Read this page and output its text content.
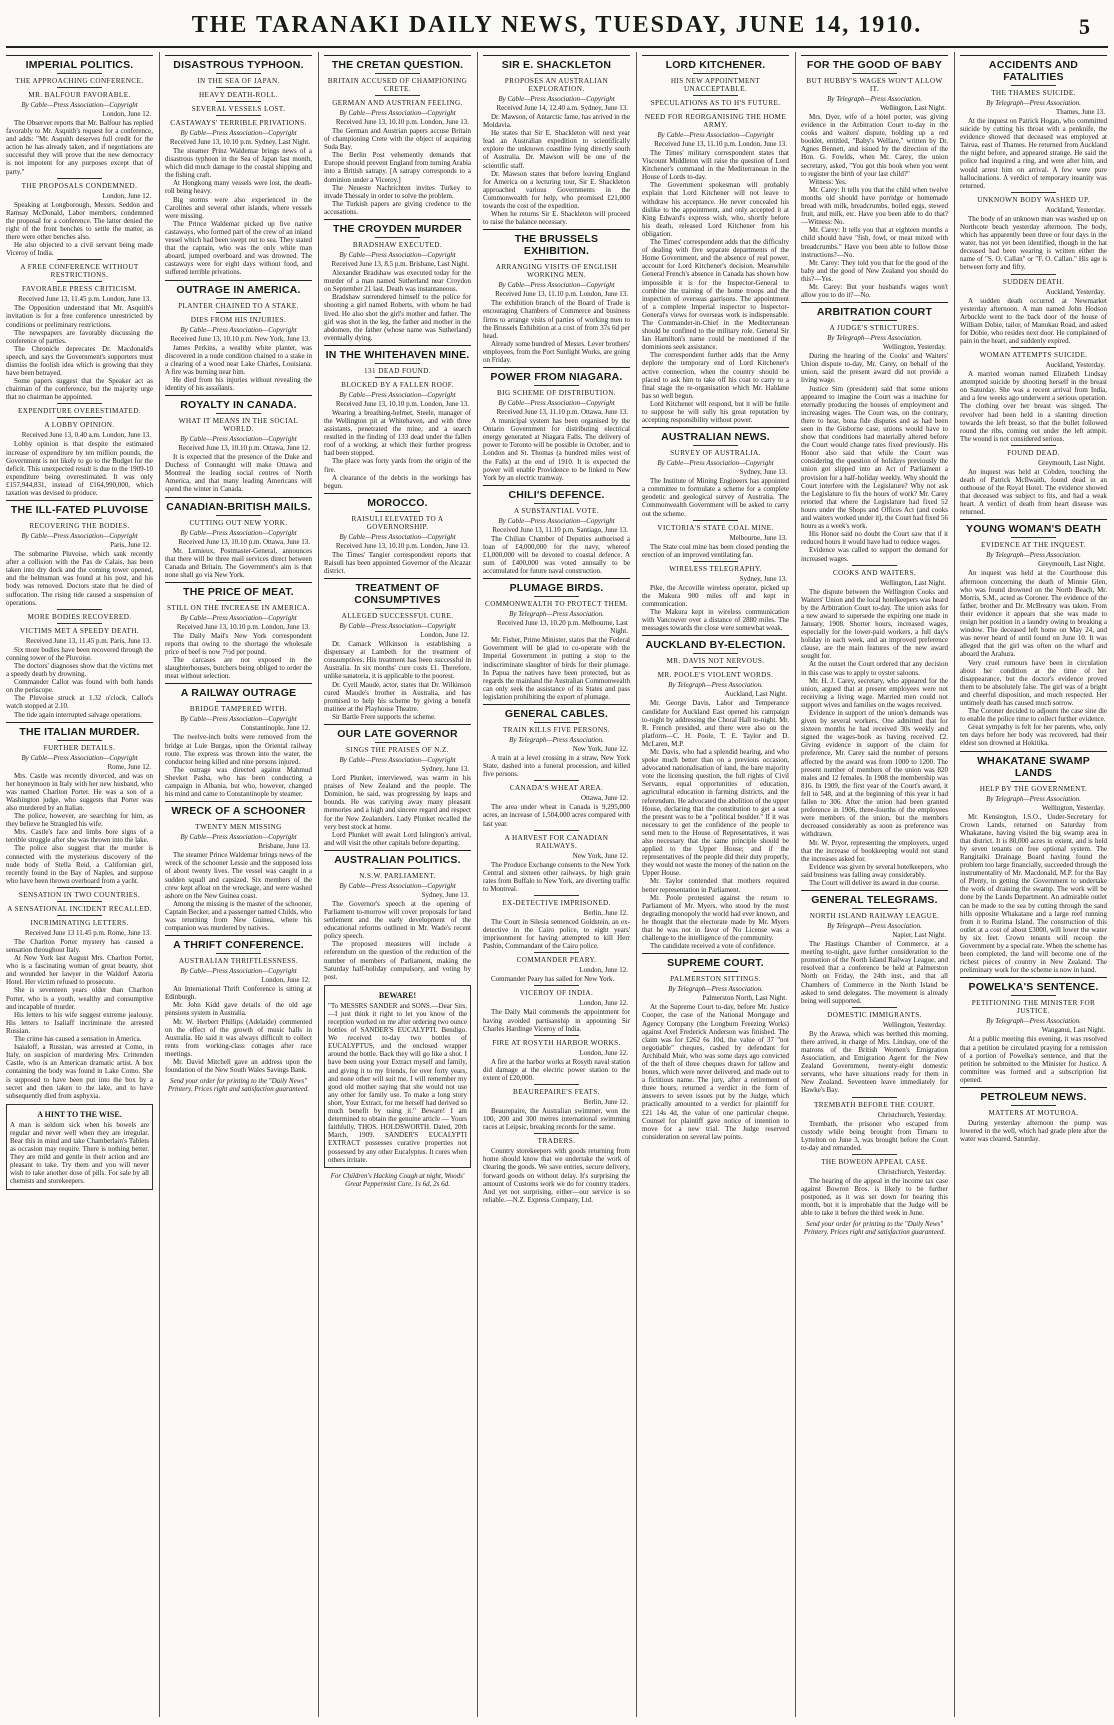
THE TARANAKI DAILY NEWS, TUESDAY, JUNE 14, 1910.	5
IMPERIAL POLITICS.
THE APPROACHING CONFERENCE.
MR. BALFOUR FAVORABLE.
By Cable—Press Association—Copyright
London, June 12.

The Observer reports that Mr. Balfour has replied favorably to Mr. Asquith's request for a conference, and adds: "Mr. Asquith deserves full credit for the action he has already taken, and if negotiations are successful they will prove that the new democracy is not impotent for any purposes except that of party."

THE PROPOSALS CONDEMNED.
London, June 12.

Speaking at Longborough, Messrs. Seddon and Ramsay McDonald, Labor members, condemned the proposal for a conference. The latter denied the right of the front benches to settle the matter, as there were other benches also.

He also objected to a civil servant being made Viceroy of India.

A FREE CONFERENCE WITHOUT RESTRICTIONS.
FAVORABLE PRESS CRITICISM.
Received June 13, 11.45 p.m. London, June 13.

The Opposition understand that Mr. Asquith's invitation is for a free conference unrestricted by conditions or preliminary restrictions.

The newspapers are favorably discussing the conference of parties.

The Chronicle deprecates Dr. Macdonald's speech, and says the Government's supporters must dismiss the foolish idea which is growing that they have been betrayed.

Some papers suggest that the Speaker act as chairman of the conference, but the majority urge that no chairman be appointed.

EXPENDITURE OVERESTIMATED.
A LOBBY OPINION.
Received June 13, 0.40 a.m. London, June 13.

Lobby opinion is that despite the estimated increase of expenditure by ten million pounds, the Government is not likely to go to the Budget for the deficit. This unexpected result is due to the 1909-10 expenditure being overestimated. It was only £157,944,831, instead of £164,990,000, which taxation was devised to produce.

THE ILL-FATED PLUVOISE
RECOVERING THE BODIES.
By Cable—Press Association—Copyright
Paris, June 12.

The submarine Pluvoise, which sank recently after a collision with the Pas de Calais, has been taken into dry dock and the coming tower opened, and the helmsman was found at his post, and his body was removed. Doctors state that he died of suffocation. The rising tide caused a suspension of operations.

MORE BODIES RECOVERED.
VICTIMS MET A SPEEDY DEATH.
Received June 13, 11.45 p.m. Paris, June 13.

Six more bodies have been recovered through the conning tower of the Pluvoise.

The doctors' diagnoses show that the victims met a speedy death by drowning.

Commander Callot was found with both hands on the periscope.

The Pluvoise struck at 1.32 o'clock. Callot's watch stopped at 2.10.

The tide again interrupted salvage operations.

THE ITALIAN MURDER.
FURTHER DETAILS.
By Cable—Press Association—Copyright
Rome, June 12.

Mrs. Castle was recently divorced, and was on her honeymoon in Italy with her new husband, who was named Charlton Porter. He was a son of a Washington judge, who suggests that Porter was also murdered by an Italian.

The police, however, are searching for him, as they believe he Strangled his wife.

Mrs. Castle's face and limbs bore signs of a terrible struggle after she was thrown into the lake.

The police also suggest that the murder is connected with the mysterious discovery of the nude body of Stella Reid, a Californian girl, recently found in the Bay of Naples, and suppose who have been thrown overboard from a yacht.

SENSATION IN TWO COUNTRIES.
A SENSATIONAL INCIDENT RECALLED.
INCRIMINATING LETTERS.
Received June 13 11.45 p.m. Rome, June 13.

The Charlton Porter mystery has caused a sensation throughout Italy.

At New York last August Mrs. Charlton Porter, who is a fascinating woman of great beauty, shot and wounded her lawyer in the Waldorf Astoria Hotel. Her victim refused to prosecute.

She is seventeen years older than Charlton Porter, who is a youth, wealthy and consumptive and incapable of murder.

His letters to his wife suggest extreme jealousy. His letters to Isaliaff incriminate the arrested Russian.

The crime has caused a sensation in America.

Isaialoff, a Russian, was arrested at Como, in Italy, on suspicion of murdering Mrs. Crittenden Castle, who is an American dramatic artist. A box containing the body was found in Lake Como. She is supposed to have been put into the box by a secret and then taken to the lake, and to have subsequently died from asphyxia.

A HINT TO THE WISE.

A man is seldom sick when his bowels are regular and never well when they are irregular. Bear this in mind and take Chamberlain's Tablets as occasion may require. There is nothing better. They are mild and gentle in their action and are pleasant to take. Try them and you will never wish to take another dose of pills. For sale by all chemists and storekeepers.

DISASTROUS TYPHOON.
IN THE SEA OF JAPAN.
HEAVY DEATH-ROLL.
SEVERAL VESSELS LOST.
CASTAWAYS' TERRIBLE PRIVATIONS.
By Cable—Press Association—Copyright
Received June 13, 10.10 p.m. Sydney, Last Night.

The steamer Prinz Waldemar brings news of a disastrous typhoon in the Sea of Japan last month, which did much damage to the coastal shipping and the fishing craft.

At Hongkong many vessels were lost, the death-roll being heavy.

Big storms were also experienced in the Carolines and several other islands, where vessels were missing.

The Prince Waldemar picked up five native castaways, who formed part of the crew of an inland vessel which had been swept out to sea. They stated that the captain, who was the only white man aboard, jumped overboard and was drowned. The castaways were for eight days without food, and suffered terrible privations.

OUTRAGE IN AMERICA.
PLANTER CHAINED TO A STAKE.
DIES FROM HIS INJURIES.
By Cable—Press Association—Copyright
Received June 13, 10.10 p.m. New York, June 13.

James Perkins, a wealthy white planter, was discovered in a nude condition chained to a stake in a clearing of a wood near Lake Charles, Louisiana. A fire was burning near him.

He died from his injuries without revealing the identity of his assailants.

ROYALTY IN CANADA.
WHAT IT MEANS IN THE SOCIAL WORLD.
By Cable—Press Association—Copyright
Received June 13, 10.10 p.m. Ottawa, June 12.

It is expected that the presence of the Duke and Duchess of Connaught will make Ottawa and Montreal the leading social centres of North America, and that many leading Americans will spend the winter in Canada.

CANADIAN-BRITISH MAILS.
CUTTING OUT NEW YORK.
By Cable—Press Association—Copyright
Received June 13, 10.10 p.m. Ottawa, June 13.

Mr. Lemieux, Postmaster-General, announces that there will be three mail services direct between Canada and Britain. The Government's aim is that none shall go via New York.

THE PRICE OF MEAT.
STILL ON THE INCREASE IN AMERICA.
By Cable—Press Association—Copyright
Received June 13, 10.10 p.m. London, June 13.

The Daily Mail's New York correspondent reports that owing to the shortage the wholesale price of beef is now 7½d per pound.

The carcases are not exposed in the slaughterhouses, butchers being obliged to order the meat without selection.

A RAILWAY OUTRAGE
BRIDGE TAMPERED WITH.
By Cable—Press Association—Copyright
Constantinople, June 12.

The twelve-inch bolts were removed from the bridge at Lule Burgas, upon the Oriental railway route. The express was thrown into the water, the conductor being killed and nine persons injured.

The outrage was directed against Mahmud Shevket Pasha, who has been conducting a campaign in Albania, but who, however, changed his mind and came to Constantinople by steamer.

WRECK OF A SCHOONER
TWENTY MEN MISSING
By Cable—Press Association—Copyright
Brisbane, June 13.

The steamer Prince Waldemar brings news of the wreck of the schooner Lessie and the supposed loss of about twenty lives. The vessel was caught in a sudden squall and capsized. Six members of the crew kept afloat on the wreckage, and were washed ashore on the New Guinea coast.

Among the missing is the master of the schooner, Captain Becker, and a passenger named Childs, who was returning from New Guinea, where his companion was murdered by natives.

A THRIFT CONFERENCE.
AUSTRALIAN THRIFTLESSNESS.
By Cable—Press Association—Copyright
London, June 12.

An International Thrift Conference is sitting at Edinburgh.

Mr. John Kidd gave details of the old age pensions system in Australia.

Mr. W. Herbert Phillips (Adelaide) commented on the effect of the growth of music halls in Australia. He said it was always difficult to collect rents from working-class cottages after race meetings.

Mr. David Mitchell gave an address upon the foundation of the New South Wales Savings Bank.

Send your order for printing to the "Daily News" Printery. Prices right and satisfaction guaranteed.
THE CRETAN QUESTION.
BRITAIN ACCUSED OF CHAMPIONING CRETE.
GERMAN AND AUSTRIAN FEELING.
By Cable—Press Association—Copyright
Received June 13, 10.10 p.m. London, June 13.

The German and Austrian papers accuse Britain of championing Crete with the object of acquiring Suda Bay.

The Berlin Post vehemently demands that Europe should prevent England from turning Arabia into a British satrapy. [A satrapy corresponds to a dominion under a Viceroy.]

The Neueste Nachrichten invites Turkey to invade Thessaly in order to solve the problem.

The Turkish papers are giving credence to the accusations.

THE CROYDEN MURDER
BRADSHAW EXECUTED.
By Cable—Press Association—Copyright
Received June 13, 8.5 p.m. Brisbane, Last Night.

Alexander Bradshaw was executed today for the murder of a man named Sutherland near Croydon on September 21 last. Death was instantaneous.

Bradshaw surrendered himself to the police for shooting a girl named Roberts, with whom he had lived. He also shot the girl's mother and father. The girl was shot in the leg, the father and mother in the abdomen, the father (whose name was Sutherland) eventually dying.

IN THE WHITEHAVEN MINE.
131 DEAD FOUND.
BLOCKED BY A FALLEN ROOF.
By Cable—Press Association—Copyright
Received June 13, 10.10 p.m. London, June 13.

Wearing a breathing-helmet, Steele, manager of the Wellington pit at Whitehaven, and with three assistants, penetrated the mine, and a search resulted in the finding of 133 dead under the fallen roof of a working, at which their further progress had been stopped.

The place was forty yards from the origin of the fire.

A clearance of the debris in the workings has begun.

MOROCCO.
RAISULI ELEVATED TO A GOVERNORSHIP.
By Cable—Press Association—Copyright
Received June 13, 10.10 p.m. London, June 13.

The Times' Tangier correspondent reports that Raisuli has been appointed Governor of the Alcazar district.

TREATMENT OF CONSUMPTIVES
ALLEGED SUCCESSFUL CURE.
By Cable—Press Association—Copyright
London, June 12.

Dr. Camack Wilkinson is establishing a dispensary at Lambeth for the treatment of consumptives. His treatment has been successful in Australia. In six months' cure costs £1. Therefore, unlike sanatoria, it is applicable to the poorest.

Dr. Cyril Maude, actor, states that Dr. Wilkinson cured Maude's brother in Australia, and has promised to help his scheme by giving a benefit matinee at the Playhouse Theatre.

Sir Bartle Frere supports the scheme.

OUR LATE GOVERNOR
SINGS THE PRAISES OF N.Z.
By Cable—Press Association—Copyright
Sydney, June 13.

Lord Plunket, interviewed, was warm in his praises of New Zealand and the people. The Dominion, he said, was progressing by leaps and bounds. He was carrying away many pleasant memories and a high and sincere regard and respect for the New Zealanders. Lady Plunket recalled the very best stock at home.

Lord Plunket will await Lord Islington's arrival, and will visit the other capitals before departing.

AUSTRALIAN POLITICS.
N.S.W. PARLIAMENT.
By Cable—Press Association—Copyright
Sydney, June 13.

The Governor's speech at the opening of Parliament to-morrow will cover proposals for land settlement and the early development of the educational reforms outlined in Mr. Wade's recent policy speech.

The proposed measures will include a referendum on the question of the reduction of the number of members of Parliament, making the Saturday half-holiday compulsory, and voting by post.

BEWARE!

"To MESSRS SANDER and SONS.—Dear Sirs,—I just think it right to let you know of the reception worked on me after ordering two ounce bottles of SANDER'S EUCALYPTI. Bendigo. We received to-day two bottles of EUCALYPTUS, and the enclosed wrapper around the bottle. Back they will go like a shot. I have been using your Extract myself and family, and giving it to my friends, for over forty years, and none other will suit me. I will remember my good old mother saying that she would not use any other for family use. To make a long story short, Your Extract, for me herself had derived so much benefit by using it." Beware! I am determined to obtain the genuine article — Yours faithfully, THOS. HOLDSWORTH. Dated, 20th March, 1909. SANDER'S EUCALYPTI EXTRACT possesses curative properties not possessed by any other Eucalyptus. It cures when others irritate.

For Children's Hacking Cough at night, Woods' Great Peppermint Cure, 1s 6d, 2s 6d.
SIR E. SHACKLETON
PROPOSES AN AUSTRALIAN EXPLORATION.
By Cable—Press Association—Copyright
Received June 14, 12.40 a.m. Sydney, June 13.

Dr. Mawson, of Antarctic fame, has arrived in the Moldavia.

He states that Sir E. Shackleton will next year lead an Australian expedition to scientifically explore the unknown coastline lying directly south of Australia. Dr. Mawson will be one of the scientific staff.

Dr. Mawson states that before leaving England for America on a lecturing tour, Sir E. Shackleton approached various Governments in the Commonwealth for help, who promised £21,000 towards the cost of the expedition.

When he returns Sir E. Shackleton will proceed to raise the balance necessary.

THE BRUSSELS EXHIBITION.
ARRANGING VISITS OF ENGLISH WORKING MEN.
By Cable—Press Association—Copyright
Received June 13, 11.10 p.m. London, June 13.

The exhibition branch of the Board of Trade is encouraging Chambers of Commerce and business firms to arrange visits of parties of working men to the Brussels Exhibition at a cost of from 37s 6d per head.

Already some hundred of Messrs. Lever brothers' employees, from the Port Sunlight Works, are going on Friday.

POWER FROM NIAGARA.
BIG SCHEME OF DISTRIBUTION.
By Cable—Press Association—Copyright
Received June 13, 11.10 p.m. Ottawa, June 13.

A municipal system has been organised by the Ontario Government for distributing electrical energy generated at Niagara Falls. The delivery of power to Toronto will be possible in October, and to London and St. Thomas (a hundred miles west of the Falls) at the end of 1910. It is expected the power will enable Providence to be linked to New York by an electric tramway.

CHILI'S DEFENCE.
A SUBSTANTIAL VOTE.
By Cable—Press Association—Copyright
Received June 13, 11.10 p.m. Santiago, June 13.

The Chilian Chamber of Deputies authorised a loan of £4,000,000 for the navy, whereof £1,000,000 will be devoted to coastal defence. A sum of £400,000 was voted annually to be accumulated for future naval construction.

PLUMAGE BIRDS.
COMMONWEALTH TO PROTECT THEM.
By Telegraph—Press Association.
Received June 13, 10.20 p.m. Melbourne, Last Night.

Mr. Fisher, Prime Minister, states that the Federal Government will be glad to co-operate with the Imperial Government in putting a stop to the indiscriminate slaughter of birds for their plumage. In Papua the natives have been protected, but as regards the mainland the Australian Commonwealth can only seek the assistance of its States and pass legislation prohibiting the export of plumage.

GENERAL CABLES.
TRAIN KILLS FIVE PERSONS.
By Telegraph—Press Association.
New York, June 12.

A train at a level crossing in a straw, New York State, dashed into a funeral procession, and killed five persons.

CANADA'S WHEAT AREA.
Ottawa, June 12.

The area under wheat in Canada is 9,295,000 acres, an increase of 1,504,000 acres compared with last year.

A HARVEST FOR CANADIAN RAILWAYS.
New York, June 12.

The Produce Exchange consents to the New York Central and sixteen other railways, by high grain rates from Buffalo to New York, are diverting traffic to Montreal.

EX-DETECTIVE IMPRISONED.
Berlin, June 12.

The Court in Silesia sentenced Goldstein, an ex-detective in the Cairo police, to eight years' imprisonment for having attempted to kill Herr Pashin, Commandant of the Cairo police.

COMMANDER PEARY.
London, June 12.

Commander Peary has sailed for New York.

VICEROY OF INDIA.
London, June 12.

The Daily Mail commends the appointment for having avoided partisanship in appointing Sir Charles Hardinge Viceroy of India.

FIRE AT ROSYTH HARBOR WORKS.
London, June 12.

A fire at the harbor works at Rosyth naval station did damage at the electric power station to the extent of £20,000.

BEAUREPAIRE'S FEATS.
Berlin, June 12.

Beaurepaire, the Australian swimmer, won the 100, 200 and 300 metres international swimming races at Leipsic, breaking records for the same.

TRADERS.

Country storekeepers with goods returning from home should know that we undertake the work of clearing the goods. We save entries, secure delivery, forward goods on without delay. It's surprising the amount of Customs work we do for country traders. And yet not surprising, either—our service is so reliable.—N.Z. Express Company, Ltd.

LORD KITCHENER.
HIS NEW APPOINTMENT UNACCEPTABLE.
SPECULATIONS AS TO H'S FUTURE.
NEED FOR REORGANISING THE HOME ARMY.
By Cable—Press Association—Copyright
Received June 13, 11.10 p.m. London, June 13.

The Times' military correspondent states that Viscount Middleton will raise the question of Lord Kitchener's command in the Mediterranean in the House of Lords to-day.

The Government spokesman will probably explain that Lord Kitchener will not leave to withdraw his acceptance. He never concealed his dislike to the appointment, and only accepted it at King Edward's express wish, who, shortly before his death, released Lord Kitchener from his obligation.

The Times' correspondent adds that the difficulty of dealing with five separate departments of the Home Government, and the absence of real power, account for Lord Kitchener's decision. Meanwhile General French's absence in Canada has shown how impossible it is for the Inspector-General to combine the training of the home troops and the inspection of overseas garrisons. The appointment of a complete Imperial inspector to Inspector-General's views for overseas work is indispensable. The Commander-in-Chief in the Mediterranean should be confined to the military role. General Sir Ian Hamilton's name could be mentioned if the dominions seek assistance.

The correspondent further adds that the Army deplore the temporary end of Lord Kitchener's active connection, when the country should be placed to ask him to take off his coat to carry to a final stage the re-organisation which Mr. Haldane has so well begun.

Lord Kitchener will respond, but it will be futile to suppose he will sully his great reputation by accepting responsibility without power.

AUSTRALIAN NEWS.
SURVEY OF AUSTRALIA.
By Cable—Press Association—Copyright
Sydney, June 13.

The Institute of Mining Engineers has appointed a committee to formulate a scheme for a complete geodetic and geological survey of Australia. The Commonwealth Government will be asked to carry out the scheme.

VICTORIA'S STATE COAL MINE.
Melbourne, June 13.

The State coal mine has been closed pending the erection of an improved ventilating fan.

WIRELESS TELEGRAPHY.
Sydney, June 13.

Pike, the Arcoville wireless operator, picked up the Makura 900 miles off and kept in communication.

The Makura kept in wireless communication with Vancouver over a distance of 2880 miles. The messages towards the close were somewhat weak.

AUCKLAND BY-ELECTION.
MR. DAVIS NOT NERVOUS.
MR. POOLE'S VIOLENT WORDS.
By Telegraph—Press Association.
Auckland, Last Night.

Mr. George Davis, Labor and Temperance candidate for Auckland East opened his campaign to-night by addressing the Choral Hall to-night. Mr. R. French presided, and there were also on the platform—C. H. Poole, T. E. Taylor and D. McLaren, M.P.

Mr. Davis, who had a splendid hearing, and who spoke much better than on a previous occasion, advocated nationalisation of land, the bare majority vote the licensing question, the full rights of Civil Servants, equal opportunities of education, agricultural education in farming districts, and the referendum. He advocated the abolition of the upper House, declaring that the constitution to get a seat the present was to be a "political boulder." If it was necessary to get the confidence of the people to send men to the House of Representatives, it was also necessary that the same principle should be applied to the Upper House; and if the representatives of the people did their duty properly, they would not waste the money of the nation on the Upper House.

Mr. Taylor contended that mothers required better representation in Parliament.

Mr. Poole protested against the return to Parliament of Mr. Myers, who stood by the most degrading monopoly the world had ever known, and he thought that the electorate made by Mr. Myers that he was not in favor of No License was a challenge to the intelligence of the community.

The candidate received a vote of confidence.

SUPREME COURT.
PALMERSTON SITTINGS.
By Telegraph—Press Association.
Palmerston North, Last Night.

At the Supreme Court to-day, before Mr. Justice Cooper, the case of the National Mortgage and Agency Company (the Longburn Freezing Works) against Axel Frederick Anderson was finished. The claim was for £262 6s 10d, the value of 37 "not negotiable" cheques, cashed by defendant for Archibald Muir, who was some days ago convicted of the theft of three cheques drawn for tallow and bones, which were never delivered, and made out to a fictitious name. The jury, after a retirement of three hours, returned a verdict in the form of answers to seven issues put by the Judge, which practically amounted to a verdict for plaintiff for £21 14s 4d, the value of one particular cheque. Counsel for plaintiff gave notice of intention to move for a new trial. The Judge reserved consideration on several law points.

FOR THE GOOD OF BABY
BUT HUBBY'S WAGES WON'T ALLOW IT.
By Telegraph—Press Association.
Wellington, Last Night.

Mrs. Dyer, wife of a hotel porter, was giving evidence in the Arbitration Court to-day in the cooks and waiters' dispute, holding up a red booklet, entitled, "Baby's Welfare," written by Dr. Agnes Bennett, and issued by the direction of the Hon. G. Fowlds, when Mr. Carey, the union secretary, asked, "You got this book when you went to register the birth of your last child?"

Witness: Yes.

Mr. Carey: It tells you that the child when twelve months old should have porridge or homemade bread with milk, breadcrumbs, boiled eggs, stewed fruit, and milk, etc. Have you been able to do that?—Witness: No.

Mr. Carey: It tells you that at eighteen months a child should have "fish, fowl, or meat mixed with breadcrumbs." Have you been able to follow those instructions?—No.

Mr. Carey: They told you that for the good of the baby and the good of New Zealand you should do this?—Yes.

Mr. Carey: But your husband's wages won't allow you to do it?—No.

ARBITRATION COURT
A JUDGE'S STRICTURES.
By Telegraph—Press Association.
Wellington, Yesterday.

During the hearing of the Cooks' and Waiters' Union dispute to-day, Mr. Carey, on behalf of the union, said the present award did not provide a living wage.

Justice Sim (president) said that some unions appeared to imagine the Court was a machine for eternally producing the houses of employment and increasing wages. The Court was, on the contrary, there to hear, bona fide disputes and as had been seen in the Gisborne case, unions would have to show that conditions had materially altered before the Court would change rates fixed previously. His Honor also said that while the Court was considering the question of holidays previously the union got slipped into an Act of Parliament a provision for a half-holiday weekly. Why should the Court interfere with the Legislature? Why not ask the Legislature to fix the hours of work? Mr. Carey retorted that where the Legislature had fixed 52 hours under the Shops and Offices Act (and cooks and waiters worked under it), the Court had fixed 56 hours as a week's work.

His Honor said no doubt the Court saw that if it reduced hours it would have had to reduce wages.

Evidence was called to support the demand for increased wages.

COOKS AND WAITERS.
Wellington, Last Night.

The dispute between the Wellington Cooks and Waiters' Union and the local hotelkeepers was heard by the Arbitration Court to-day. The union asks for a new award to supersede the expiring one made in January, 1908. Shorter hours, increased wages, especially for the lower-paid workers, a full day's holiday in each week, and an improved preference clause, are the main features of the new award sought for.

At the outset the Court ordered that any decision in this case was to apply to oyster saloons.

Mr. H. J. Carey, secretary, who appeared for the union, argued that at present employees were not receiving a living wage. Married men could not support wives and families on the wages received.

Evidence in support of the union's demands was given by several workers. One admitted that for sixteen months he had received 30s weekly and signed the wages-book as having received £2. Giving evidence in support of the claim for preference, Mr. Carey said the number of persons affected by the award was from 1000 to 1200. The present number of members of the union was 820 males and 12 females. In 1908 the membership was 816. In 1909, the first year of the Court's award, it fell to 548, and at the beginning of this year it had fallen to 306. After the union had been granted preference in 1906, three-fourths of the employees were members of the union, but the members decreased considerably as soon as preference was withdrawn.

Mr. W. Pryor, representing the employers, urged that the increase of bookkeeping would not stand the increases asked for.

Evidence was given by several hotelkeepers, who said business was falling away considerably.

The Court will deliver its award in due course.

GENERAL TELEGRAMS.
NORTH ISLAND RAILWAY LEAGUE.
By Telegraph—Press Association.
Napier, Last Night.

The Hastings Chamber of Commerce, at a meeting to-night, gave further consideration to the promotion of the North Island Railway League, and resolved that a conference be held at Palmerston North on Friday, the 24th inst., and that all Chambers of Commerce in the North Island be asked to send delegates. The movement is already being well supported.

DOMESTIC IMMIGRANTS.
Wellington, Yesterday.

By the Arawa, which was berthed this morning, there arrived, in charge of Mrs. Lindsay, one of the matrons of the British Women's Emigration Association, and Emigration Agent for the New Zealand Government, twenty-eight domestic servants, who have situations ready for them in New Zealand. Seventeen leave immediately for Hawke's Bay.

TREMBATH BEFORE THE COURT.
Christchurch, Yesterday.

Trembath, the prisoner who escaped from custody while being brought from Timaru to Lyttelton on June 3, was brought before the Court to-day and remanded.

THE BOWEON APPEAL CASE.
Christchurch, Yesterday.

The hearing of the appeal in the income tax case against Bowron Bros. is likely to be further postponed, as it was set down for hearing this month, but it is improbable that the Judge will be able to take it before the third week in June.

Send your order for printing to the "Daily News" Printery. Prices right and satisfaction guaranteed.
ACCIDENTS AND FATALITIES
THE THAMES SUICIDE.
By Telegraph—Press Association.
Thames, June 13.

At the inquest on Patrick Hogan, who committed suicide by cutting his throat with a penknife, the evidence showed that deceased was employed at Tairua, east of Thames. He returned from Auckland the night before, and appeared strange. He said the police had inquired a ring, and were after him, and would arrest him on arrival. A few were pure hallucinations. A verdict of temporary insanity was returned.

UNKNOWN BODY WASHED UP.
Auckland, Yesterday.

The body of an unknown man was washed up on Northcote beach yesterday afternoon. The body, which has apparently been three or four days in the water, has not yet been identified, though in the hat deceased had been wearing is written either the name of "S. O. Callan" or "F. O. Callan." His age is between forty and fifty.

SUDDEN DEATH.
Auckland, Yesterday.

A sudden death occurred at Newmarket yesterday afternoon. A man named John Hodson Arbuckle went to the back door of the house of William Dobie, tailor, of Manukau Road, and asked for Dobie, who resides next door. He complained of pain in the heart, and suddenly expired.

WOMAN ATTEMPTS SUICIDE.
Auckland, Yesterday.

A married woman named Elizabeth Lindsay attempted suicide by shooting herself in the breast on Saturday. She was a recent arrival from India, and a few weeks ago underwent a serious operation. The clothing over her breast was singed. The revolver had been held in a slanting direction towards the left breast, so that the bullet followed round the ribs, coming out under the left armpit. The wound is not considered serious.

FOUND DEAD.
Greymouth, Last Night.

An inquest was held at Cobden, touching the death of Patrick McIlwaith, found dead in an outhouse of the Royal Hotel. The evidence showed that deceased was subject to fits, and had a weak heart. A verdict of death from heart disease was returned.

YOUNG WOMAN'S DEATH
EVIDENCE AT THE INQUEST.
By Telegraph—Press Association.
Greymouth, Last Night.

An inquest was held at the Courthouse this afternoon concerning the death of Minnie Glen, who was found drowned on the North Beach, Mr. Morris, S.M., acted as Coroner. The evidence of the father, brother and Dr. McBreatry was taken. From their evidence it appears that she was made to resign her position in a laundry owing to breaking a window. The deceased left home on May 24, and was never heard of until found on June 10. It was alleged that the girl was often on the wharf and aboard the Arahura.

Very cruel rumours have been in circulation about her condition at the time of her disappearance, but the doctor's evidence proved them to be absolutely false. The girl was of a bright and cheerful disposition, and much respected. Her untimely death has caused much sorrow.

The Coroner decided to adjourn the case sine die to enable the police time to collect further evidence.

Great sympathy is felt for her parents, who, only ten days before her body was recovered, had their eldest son drowned at Hokitika.

WHAKATANE SWAMP LANDS
HELP BY THE GOVERNMENT.
By Telegraph—Press Association.
Wellington, Yesterday.

Mr. Kensington, I.S.O., Under-Secretary for Crown Lands, returned on Saturday from Whakatane, having visited the big swamp area in that district. It is 80,000 acres in extent, and is held by seven tenants on free optional system. The Rangitaiki Drainage Board having found the problem too large financially, succeeded through the instrumentality of Mr. Macdonald, M.P. for the Bay of Plenty, in getting the Government to undertake the work of draining the swamp. The work will be done by the Lands Department. An admirable outlet can be made to the sea by cutting through the sand hills opposite Whakatane and a large reef running from it to Rurima Island. The construction of this outlet at a cost of about £3000, will lower the water by six feet. Crown tenants will recoup the Government by a special rate. When the scheme has been completed, the land will become one of the richest pieces of country in New Zealand. The preliminary work for the scheme is now in hand.

POWELKA'S SENTENCE.
PETITIONING THE MINISTER FOR JUSTICE.
By Telegraph—Press Association.
Wanganui, Last Night.

At a public meeting this evening, it was resolved that a petition be circulated praying for a remission of a portion of Powelka's sentence, and that the petition be submitted to the Minister for Justice. A committee was formed and a subscription list opened.

PETROLEUM NEWS.
MATTERS AT MOTUROA.

During yesterday afternoon the pump was lowered in the well, which had grade plete after the water was cleared. Saturday.
